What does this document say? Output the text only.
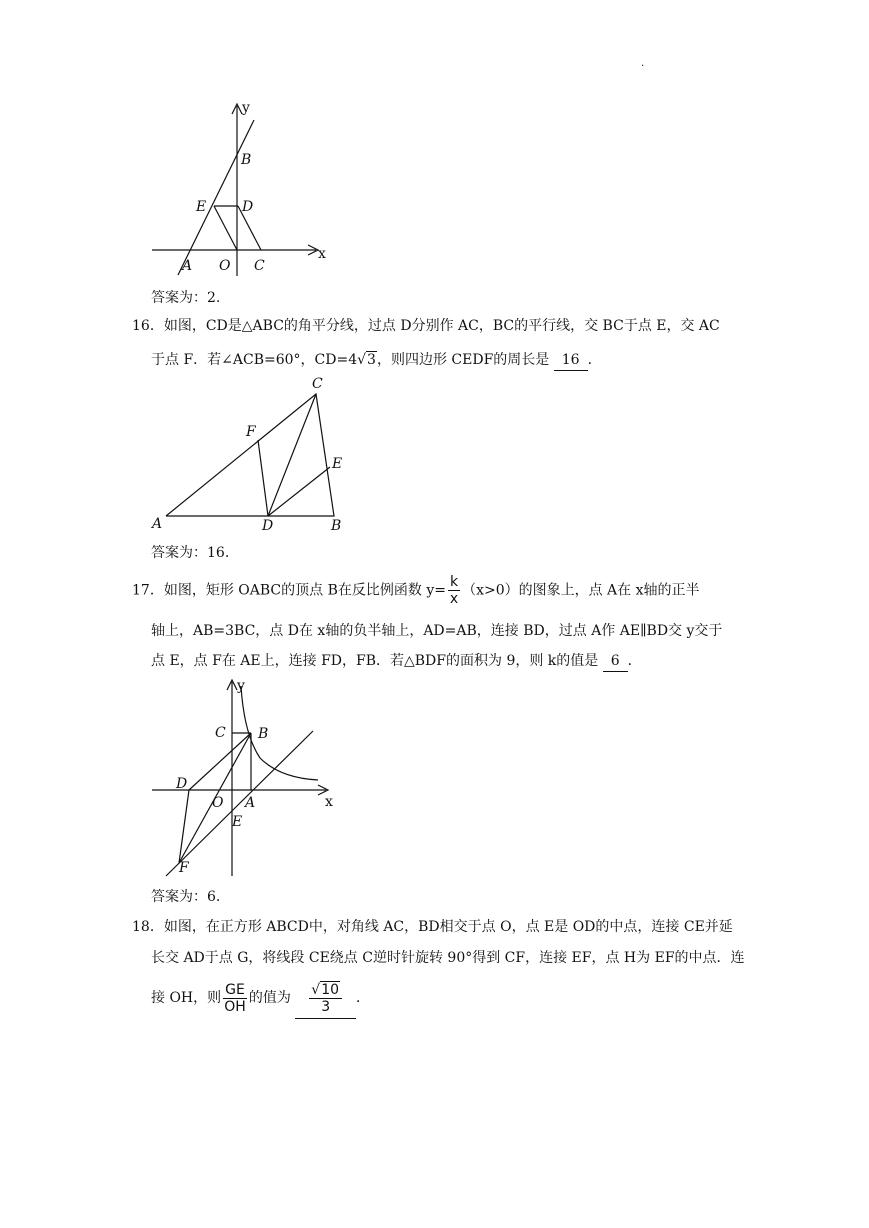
.
y
x
B
E	D
A O C
答案为：2.
16．如图，CD是△ABC的角平分线，过点 D分别作 AC，BC的平行线，交 BC于点 E，交 AC
于点 F．若∠ACB=60°，CD=4√3，则四边形 CEDF的周长是 16 ．
C
F
E
A	D	B
答案为：16.
17．如图，矩形 OABC的顶点 B在反比例函数 $y= \frac{k}{x} (x>0)$的图象上，点 A在 x轴的正半
轴上，AB=3BC，点 D在 x轴的负半轴上，AD=AB，连接 BD，过点 A作 AE∥BD交 y交于
点 E，点 F在 AE上，连接 FD，FB．若△BDF的面积为 9，则 k的值是 6 ．
y
x
C B
D
O A
E
F
答案为：6.
18．如图，在正方形 ABCD中，对角线 AC，BD相交于点 O，点 E是 OD的中点，连接 CE并延
长交 AD于点 G，将线段 CE绕点 C逆时针旋转 90°得到 CF，连接 EF，点 H为 EF的中点．连
接 OH，则 $\frac{GE}{OH}$ 的值为 $\frac{√10}{3}$ ．
